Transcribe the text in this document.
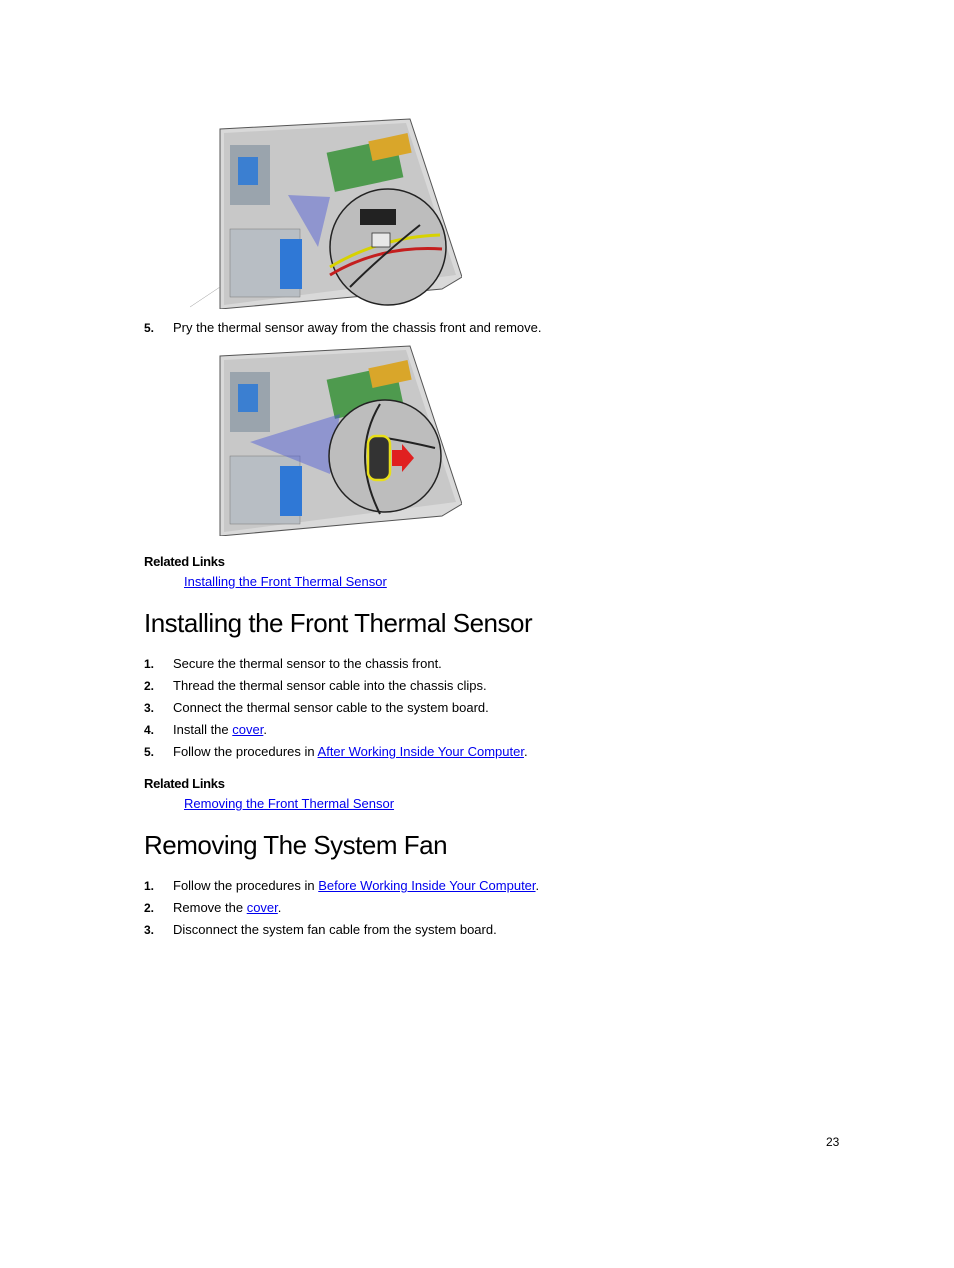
5. Pry the thermal sensor away from the chassis front and remove.
Related Links
Installing the Front Thermal Sensor
Installing the Front Thermal Sensor
1. Secure the thermal sensor to the chassis front.
2. Thread the thermal sensor cable into the chassis clips.
3. Connect the thermal sensor cable to the system board.
4. Install the cover.
5. Follow the procedures in After Working Inside Your Computer.
Related Links
Removing the Front Thermal Sensor
Removing The System Fan
1. Follow the procedures in Before Working Inside Your Computer.
2. Remove the cover.
3. Disconnect the system fan cable from the system board.
23
